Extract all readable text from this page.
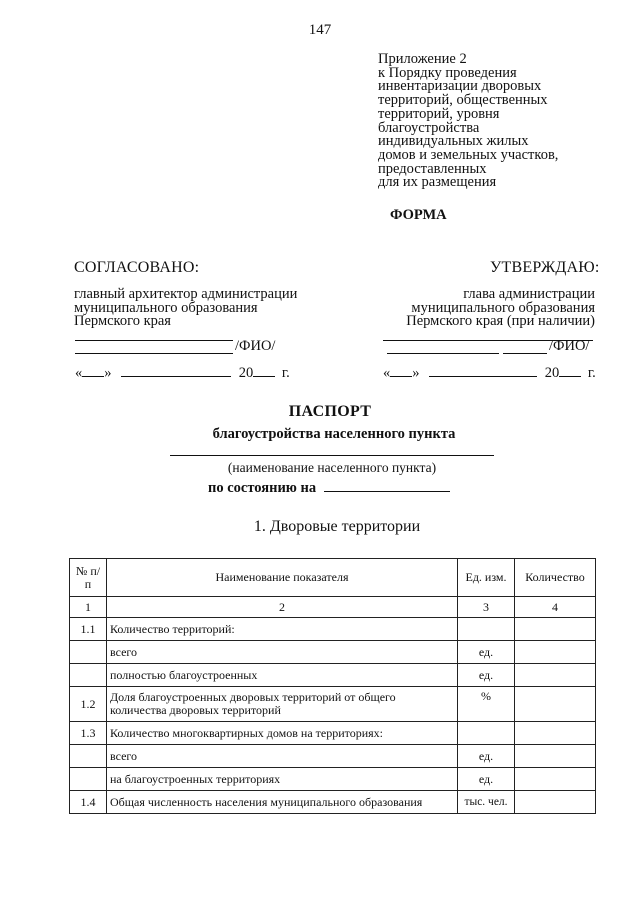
147
Приложение 2
к Порядку проведения
инвентаризации дворовых
территорий, общественных
территорий, уровня
благоустройства
индивидуальных жилых
домов и земельных участков,
предоставленных
для их размещения
ФОРМА
СОГЛАСОВАНО:
главный архитектор администрации
муниципального образования
Пермского края
/ФИО/
« »	20 г.
УТВЕРЖДАЮ:
глава администрации
муниципального образования
Пермского края (при наличии)
/ФИО/
« »	20 г.
ПАСПОРТ
благоустройства населенного пункта
(наименование населенного пункта)
по состоянию на
1. Дворовые территории
№ п/п	Наименование показателя	Ед. изм.	Количество
1	2	3	4
1.1	Количество территорий:		
	всего	ед.	
	полностью благоустроенных	ед.	
1.2	Доля благоустроенных дворовых территорий от общего количества дворовых территорий	%	
1.3	Количество многоквартирных домов на территориях:		
	всего	ед.	
	на благоустроенных территориях	ед.	
1.4	Общая численность населения муниципального образования	тыс. чел.	
